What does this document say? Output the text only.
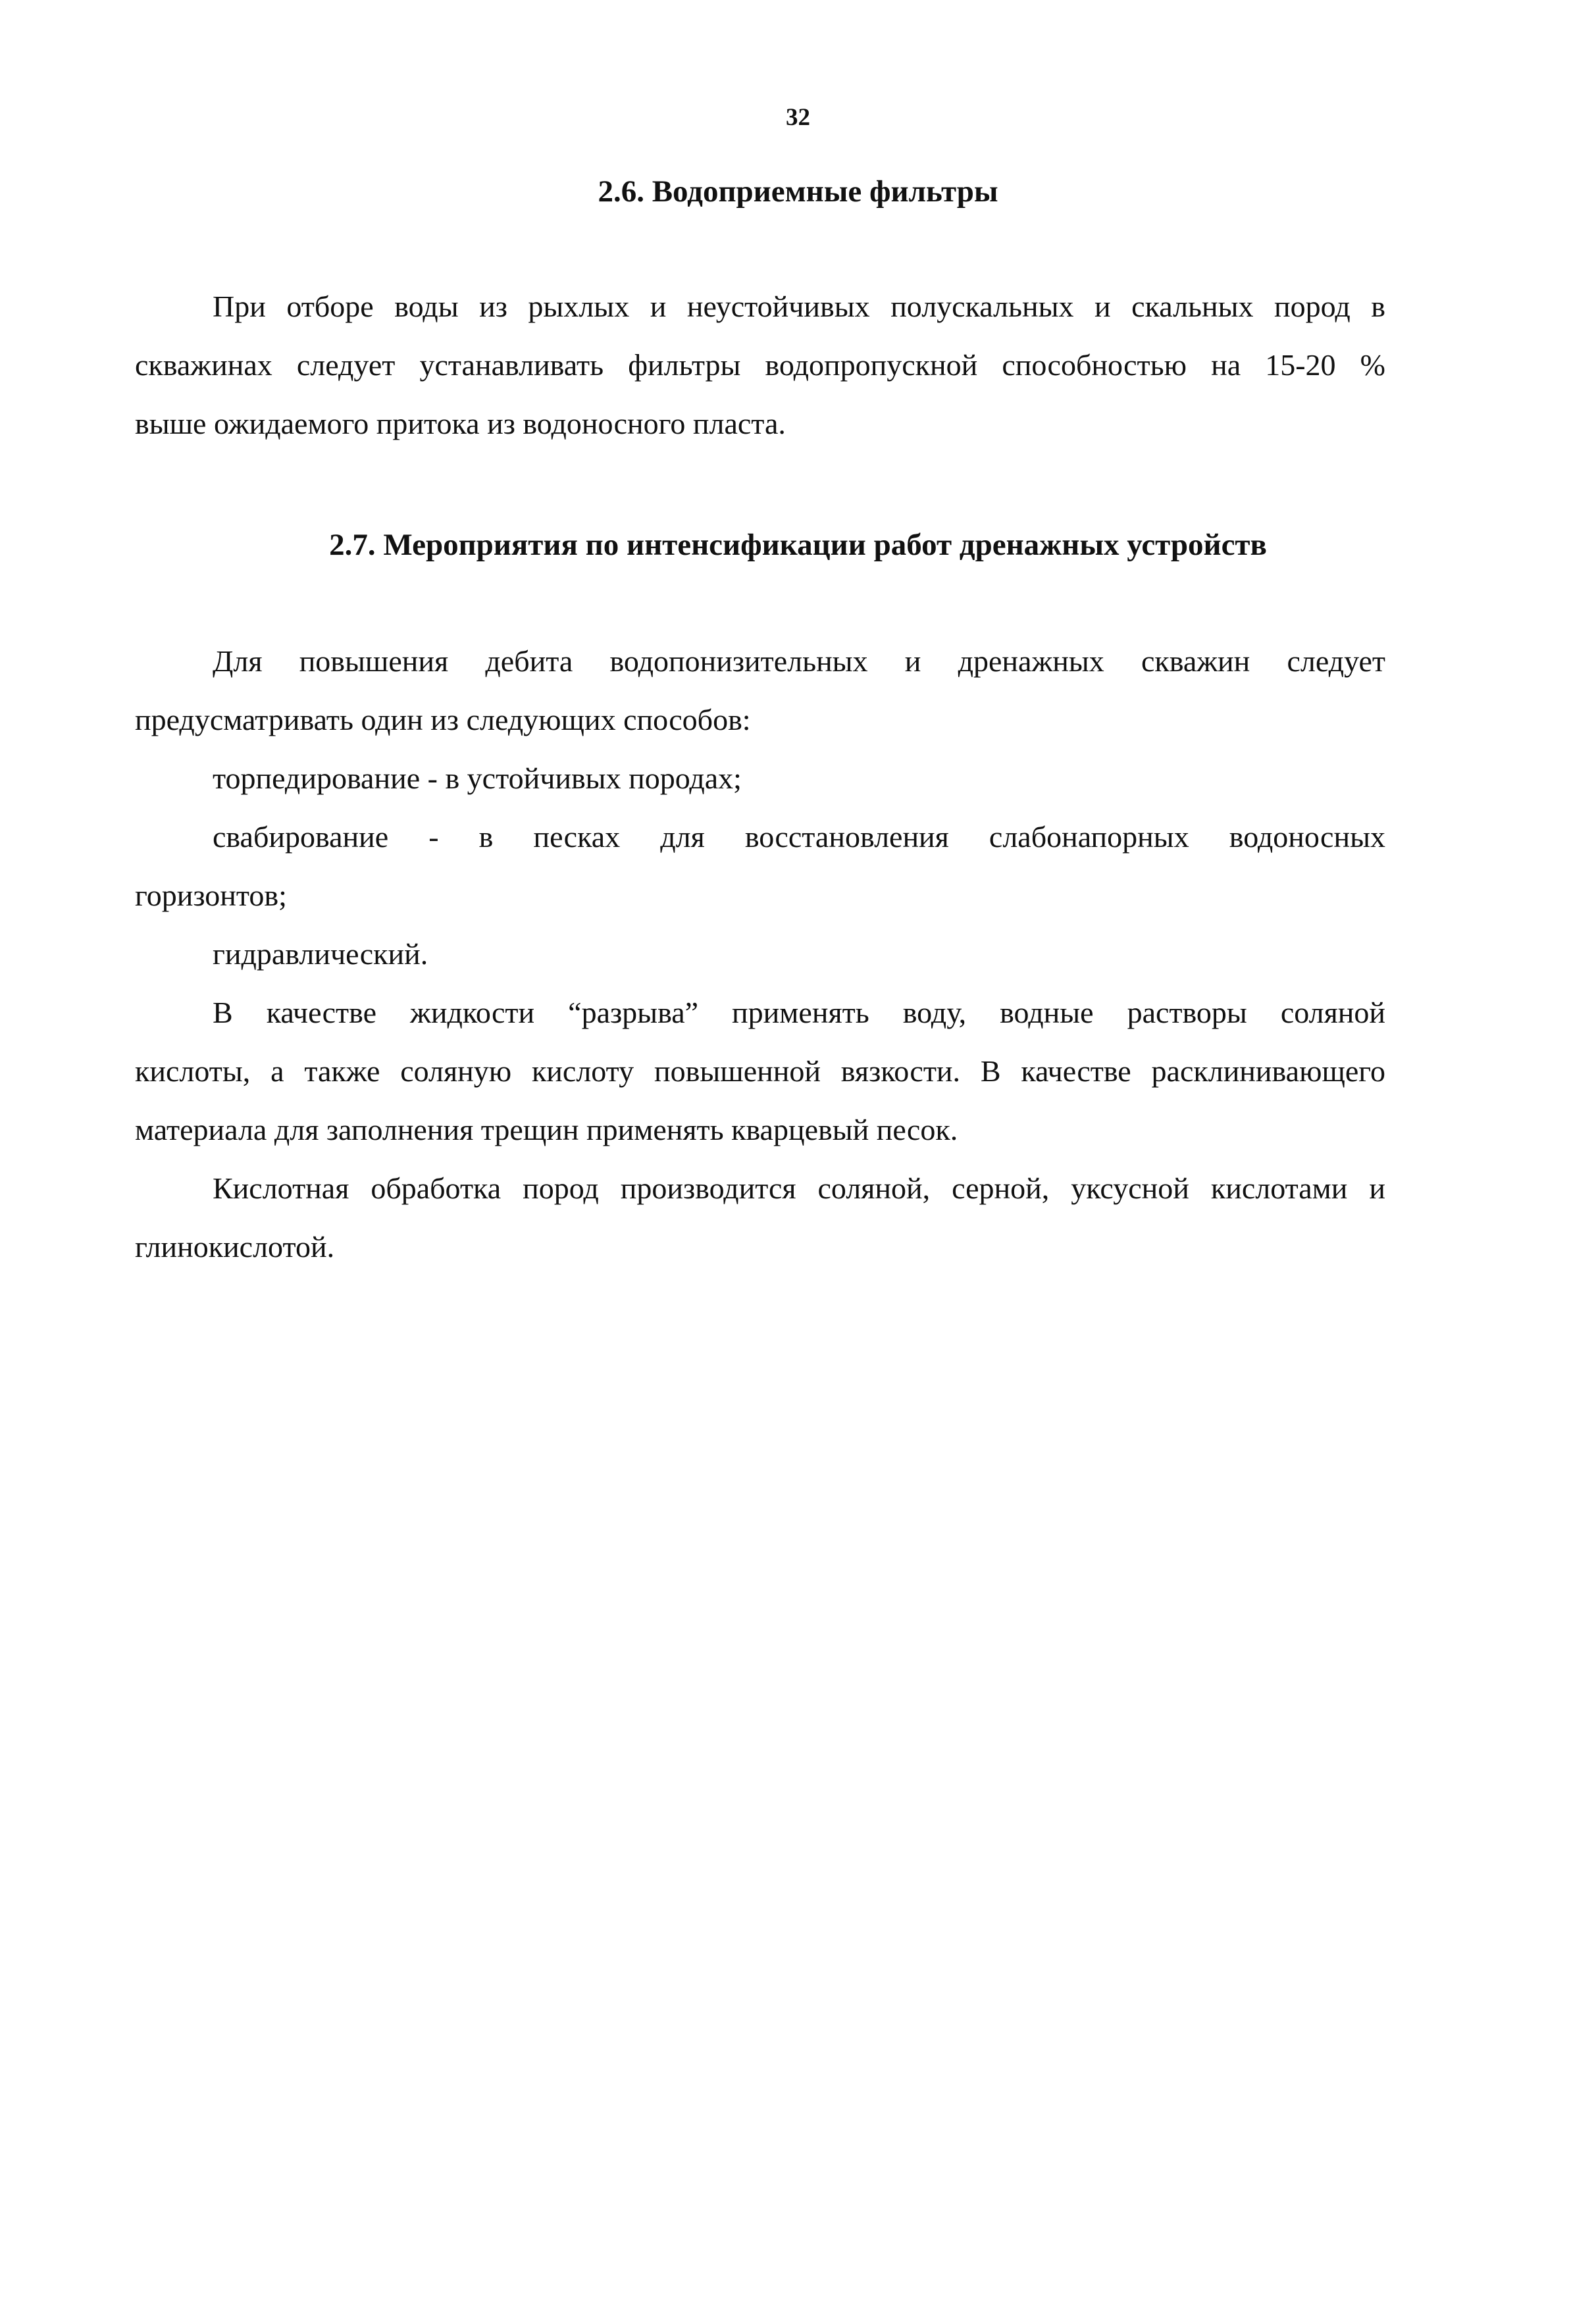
32
2.6. Водоприемные фильтры

При отборе воды из рыхлых и неустойчивых полускальных и скальных пород в

скважинах следует устанавливать фильтры водопропускной способностью на 15-20 %

выше ожидаемого притока из водоносного пласта.

2.7. Мероприятия по интенсификации работ дренажных устройств

Для повышения дебита водопонизительных и дренажных скважин следует

предусматривать один из следующих способов:

торпедирование - в устойчивых породах;

свабирование - в песках для восстановления слабонапорных водоносных

горизонтов;

гидравлический.

В качестве жидкости “разрыва” применять воду, водные растворы соляной

кислоты, а также соляную кислоту повышенной вязкости. В качестве расклинивающего

материала для заполнения трещин применять кварцевый песок.

Кислотная обработка пород производится соляной, серной, уксусной кислотами и

глинокислотой.
